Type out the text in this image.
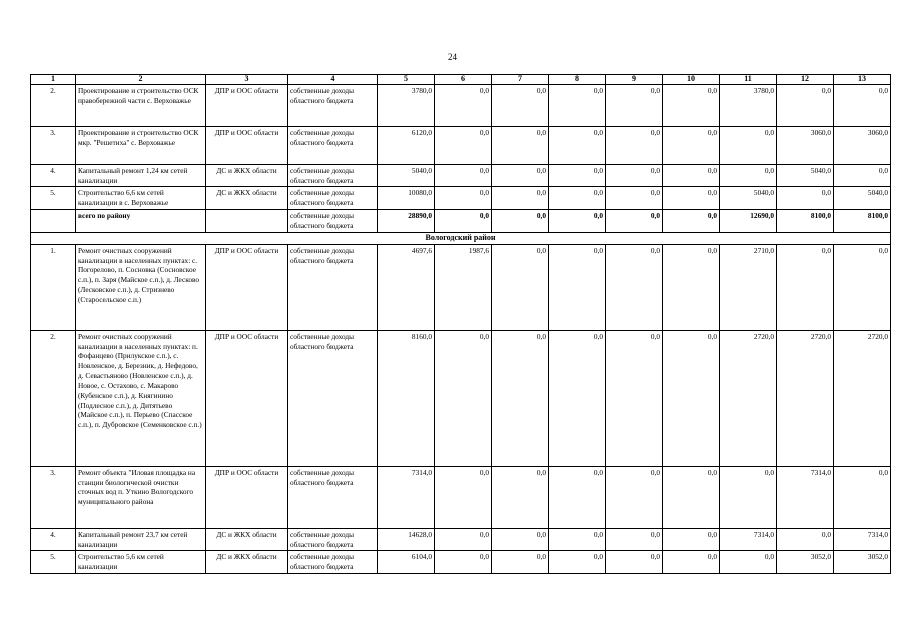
24
1	2	3	4	5	6	7	8	9	10	11	12	13
2.	Проектирование и строительство ОСК правобережной части с. Верховажье	ДПР и ООС области	собственные доходы областного бюджета	3780,0	0,0	0,0	0,0	0,0	0,0	3780,0	0,0	0,0
3.	Проектирование и строительство ОСК мкр. "Решетиха" с. Верховажье	ДПР и ООС области	собственные доходы областного бюджета	6120,0	0,0	0,0	0,0	0,0	0,0	0,0	3060,0	3060,0
4.	Капитальный ремонт 1,24 км сетей канализации	ДС и ЖКХ области	собственные доходы областного бюджета	5040,0	0,0	0,0	0,0	0,0	0,0	0,0	5040,0	0,0
5.	Строительство 6,6 км сетей канализации в с. Верховажье	ДС и ЖКХ области	собственные доходы областного бюджета	10080,0	0,0	0,0	0,0	0,0	0,0	5040,0	0,0	5040,0
	всего по району		собственные доходы областного бюджета	28890,0	0,0	0,0	0,0	0,0	0,0	12690,0	8100,0	8100,0
Вологодский район												
1.	Ремонт очистных сооружений канализации в населенных пунктах: с. Погорелово, п. Сосновка (Сосновское с.п.), п. Заря (Майское с.п.), д. Лесково (Лесковское с.п.), д. Стризнево (Старосельское с.п.)	ДПР и ООС области	собственные доходы областного бюджета	4697,6	1987,6	0,0	0,0	0,0	0,0	2710,0	0,0	0,0
2.	Ремонт очистных сооружений канализации в населенных пунктах: п. Фофанцево (Прилукское с.п.), с. Новленское, д. Березник, д. Нефедово, д. Севастьяново (Новленское с.п.), д. Новое, с. Остахово, с. Макарово (Кубенское с.п.), д. Княгинино (Подлесное с.п.), д. Дитятьево (Майское с.п.), п. Перьево (Спасское с.п.), п. Дубровское (Семенковское с.п.)	ДПР и ООС области	собственные доходы областного бюджета	8160,0	0,0	0,0	0,0	0,0	0,0	2720,0	2720,0	2720,0
3.	Ремонт объекта "Иловая площадка на станции биологической очистки сточных вод п. Уткино Вологодского муниципального района	ДПР и ООС области	собственные доходы областного бюджета	7314,0	0,0	0,0	0,0	0,0	0,0	0,0	7314,0	0,0
4.	Капитальный ремонт 23,7 км сетей канализации	ДС и ЖКХ области	собственные доходы областного бюджета	14628,0	0,0	0,0	0,0	0,0	0,0	7314,0	0,0	7314,0
5.	Строительство 5,6 км сетей канализации	ДС и ЖКХ области	собственные доходы областного бюджета	6104,0	0,0	0,0	0,0	0,0	0,0	0,0	3052,0	3052,0
